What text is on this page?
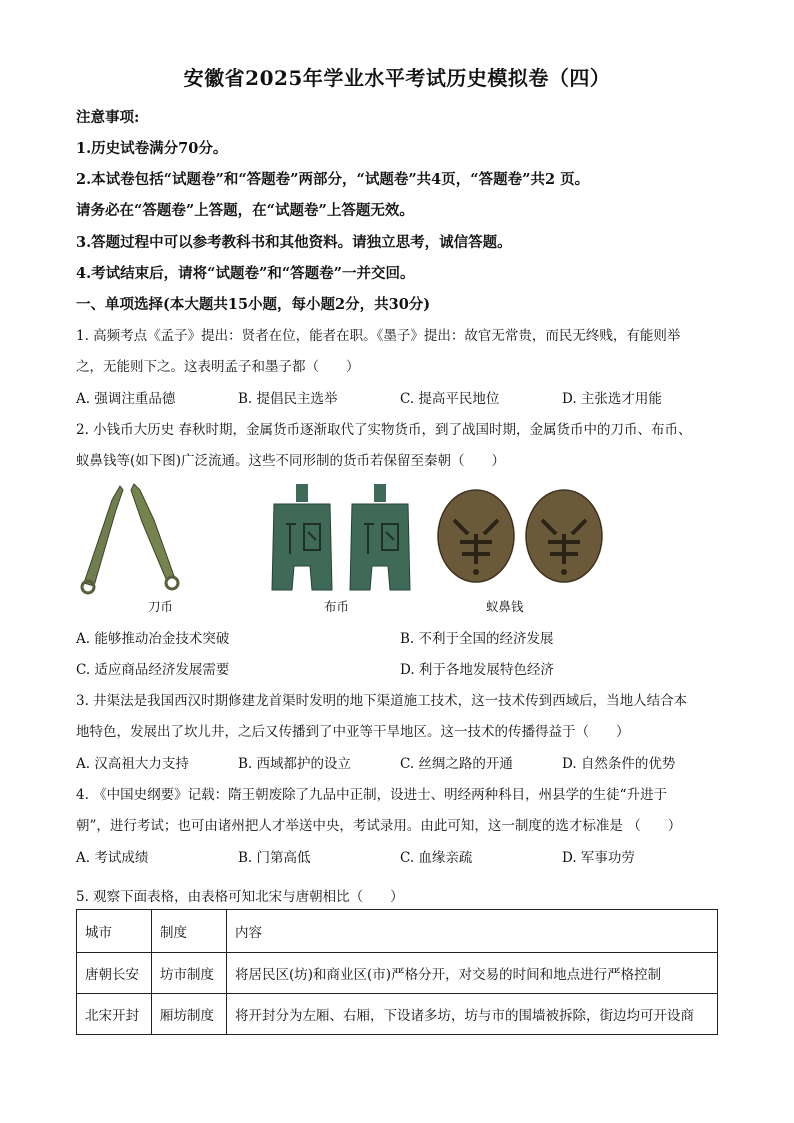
安徽省2025年学业水平考试历史模拟卷（四）
注意事项:
1.历史试卷满分70分。
2.本试卷包括“试题卷”和“答题卷”两部分，“试题卷”共4页，“答题卷”共2 页。
请务必在“答题卷”上答题，在“试题卷”上答题无效。
3.答题过程中可以参考教科书和其他资料。请独立思考，诚信答题。
4.考试结束后，请将“试题卷”和“答题卷”一并交回。
一、单项选择(本大题共15小题，每小题2分，共30分)
1. 高频考点《孟子》提出：贤者在位，能者在职。《墨子》提出：故官无常贵，而民无终贱，有能则举
之，无能则下之。这表明孟子和墨子都（　　）
A. 强调注重品德	B. 提倡民主选举	C. 提高平民地位	D. 主张选才用能
2. 小钱币大历史 春秋时期，金属货币逐渐取代了实物货币，到了战国时期，金属货币中的刀币、布币、
蚁鼻钱等(如下图)广泛流通。这些不同形制的货币若保留至秦朝（　　）
刀币	布币	蚁鼻钱
A. 能够推动冶金技术突破	B. 不利于全国的经济发展
C. 适应商品经济发展需要	D. 利于各地发展特色经济
3. 井渠法是我国西汉时期修建龙首渠时发明的地下渠道施工技术，这一技术传到西域后，当地人结合本
地特色，发展出了坎儿井，之后又传播到了中亚等干旱地区。这一技术的传播得益于（　　）
A. 汉高祖大力支持	B. 西域都护的设立	C. 丝绸之路的开通	D. 自然条件的优势
4. 《中国史纲要》记载：隋王朝废除了九品中正制，设进士、明经两种科目，州县学的生徒“升进于
朝”，进行考试；也可由诸州把人才举送中央，考试录用。由此可知，这一制度的选才标准是 （　　）
A. 考试成绩	B. 门第高低	C. 血缘亲疏	D. 军事功劳
5. 观察下面表格，由表格可知北宋与唐朝相比（　　）
城市	制度	内容
唐朝长安	坊市制度	将居民区(坊)和商业区(市)严格分开，对交易的时间和地点进行严格控制
北宋开封	厢坊制度	将开封分为左厢、右厢，下设诸多坊，坊与市的围墙被拆除，街边均可开设商
